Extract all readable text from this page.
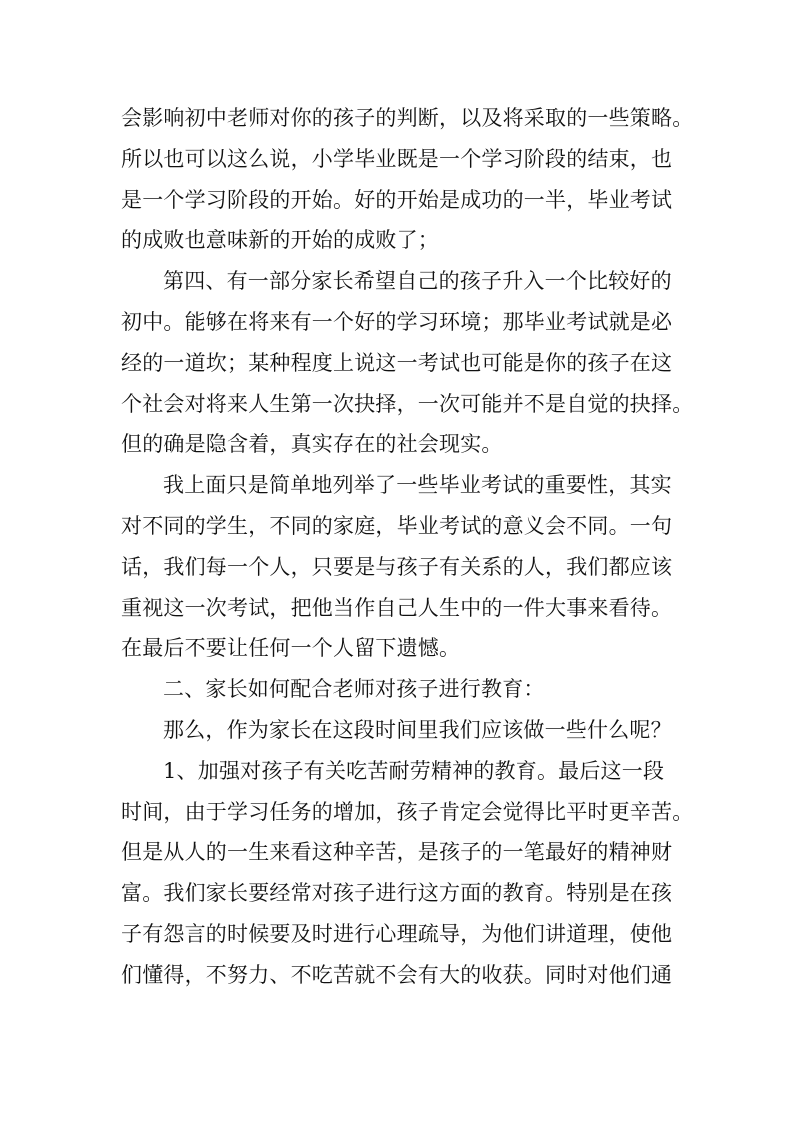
会影响初中老师对你的孩子的判断，以及将采取的一些策略。
所以也可以这么说，小学毕业既是一个学习阶段的结束，也
是一个学习阶段的开始。好的开始是成功的一半，毕业考试
的成败也意味新的开始的成败了；
第四、有一部分家长希望自己的孩子升入一个比较好的
初中。能够在将来有一个好的学习环境；那毕业考试就是必
经的一道坎；某种程度上说这一考试也可能是你的孩子在这
个社会对将来人生第一次抉择，一次可能并不是自觉的抉择。
但的确是隐含着，真实存在的社会现实。
我上面只是简单地列举了一些毕业考试的重要性，其实
对不同的学生，不同的家庭，毕业考试的意义会不同。一句
话，我们每一个人，只要是与孩子有关系的人，我们都应该
重视这一次考试，把他当作自己人生中的一件大事来看待。
在最后不要让任何一个人留下遗憾。
二、家长如何配合老师对孩子进行教育：
那么，作为家长在这段时间里我们应该做一些什么呢？
1、加强对孩子有关吃苦耐劳精神的教育。最后这一段
时间，由于学习任务的增加，孩子肯定会觉得比平时更辛苦。
但是从人的一生来看这种辛苦，是孩子的一笔最好的精神财
富。我们家长要经常对孩子进行这方面的教育。特别是在孩
子有怨言的时候要及时进行心理疏导，为他们讲道理，使他
们懂得，不努力、不吃苦就不会有大的收获。同时对他们通
